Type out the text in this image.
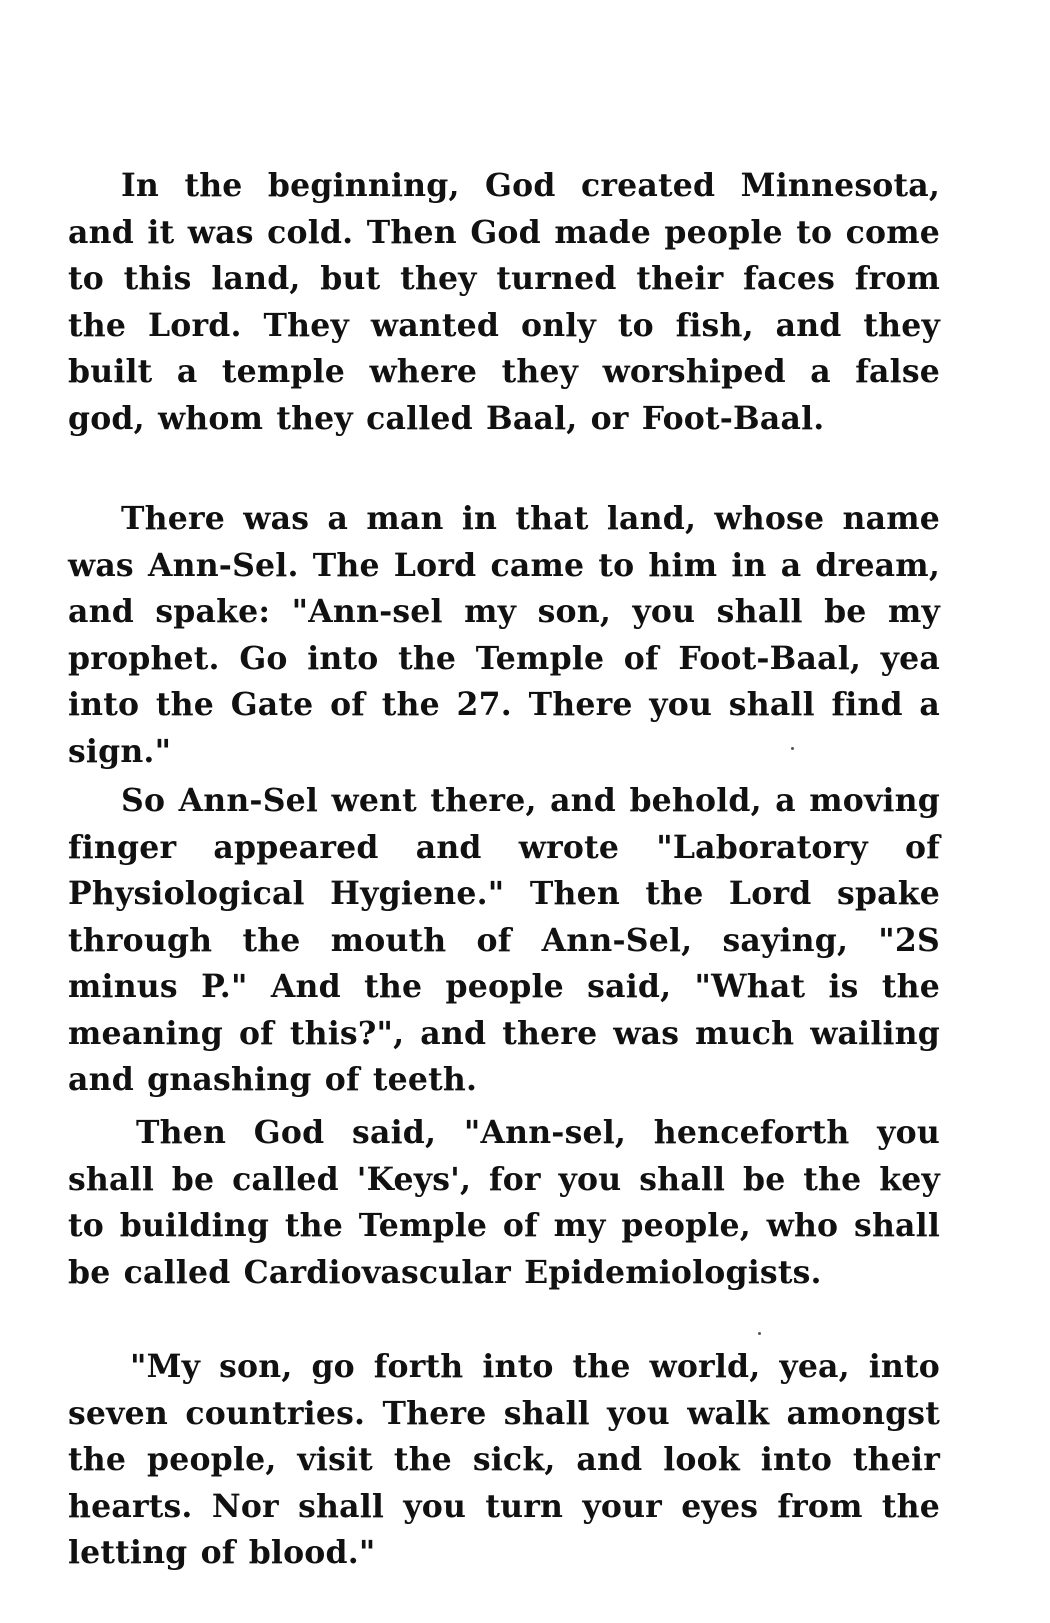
In the beginning, God created Minnesota, and it was cold. Then God made people to come to this land, but they turned their faces from the Lord. They wanted only to fish, and they built a temple where they worshiped a false god, whom they called Baal, or Foot-Baal.

There was a man in that land, whose name was Ann-Sel. The Lord came to him in a dream, and spake: "Ann-sel my son, you shall be my prophet. Go into the Temple of Foot-Baal, yea into the Gate of the 27. There you shall find a sign."

So Ann-Sel went there, and behold, a moving finger appeared and wrote "Laboratory of Physiological Hygiene." Then the Lord spake through the mouth of Ann-Sel, saying, "2S minus P." And the people said, "What is the meaning of this?", and there was much wailing and gnashing of teeth.

Then God said, "Ann-sel, henceforth you shall be called 'Keys', for you shall be the key to building the Temple of my people, who shall be called Cardiovascular Epidemiologists.

"My son, go forth into the world, yea, into seven countries. There shall you walk amongst the people, visit the sick, and look into their hearts. Nor shall you turn your eyes from the letting of blood."
